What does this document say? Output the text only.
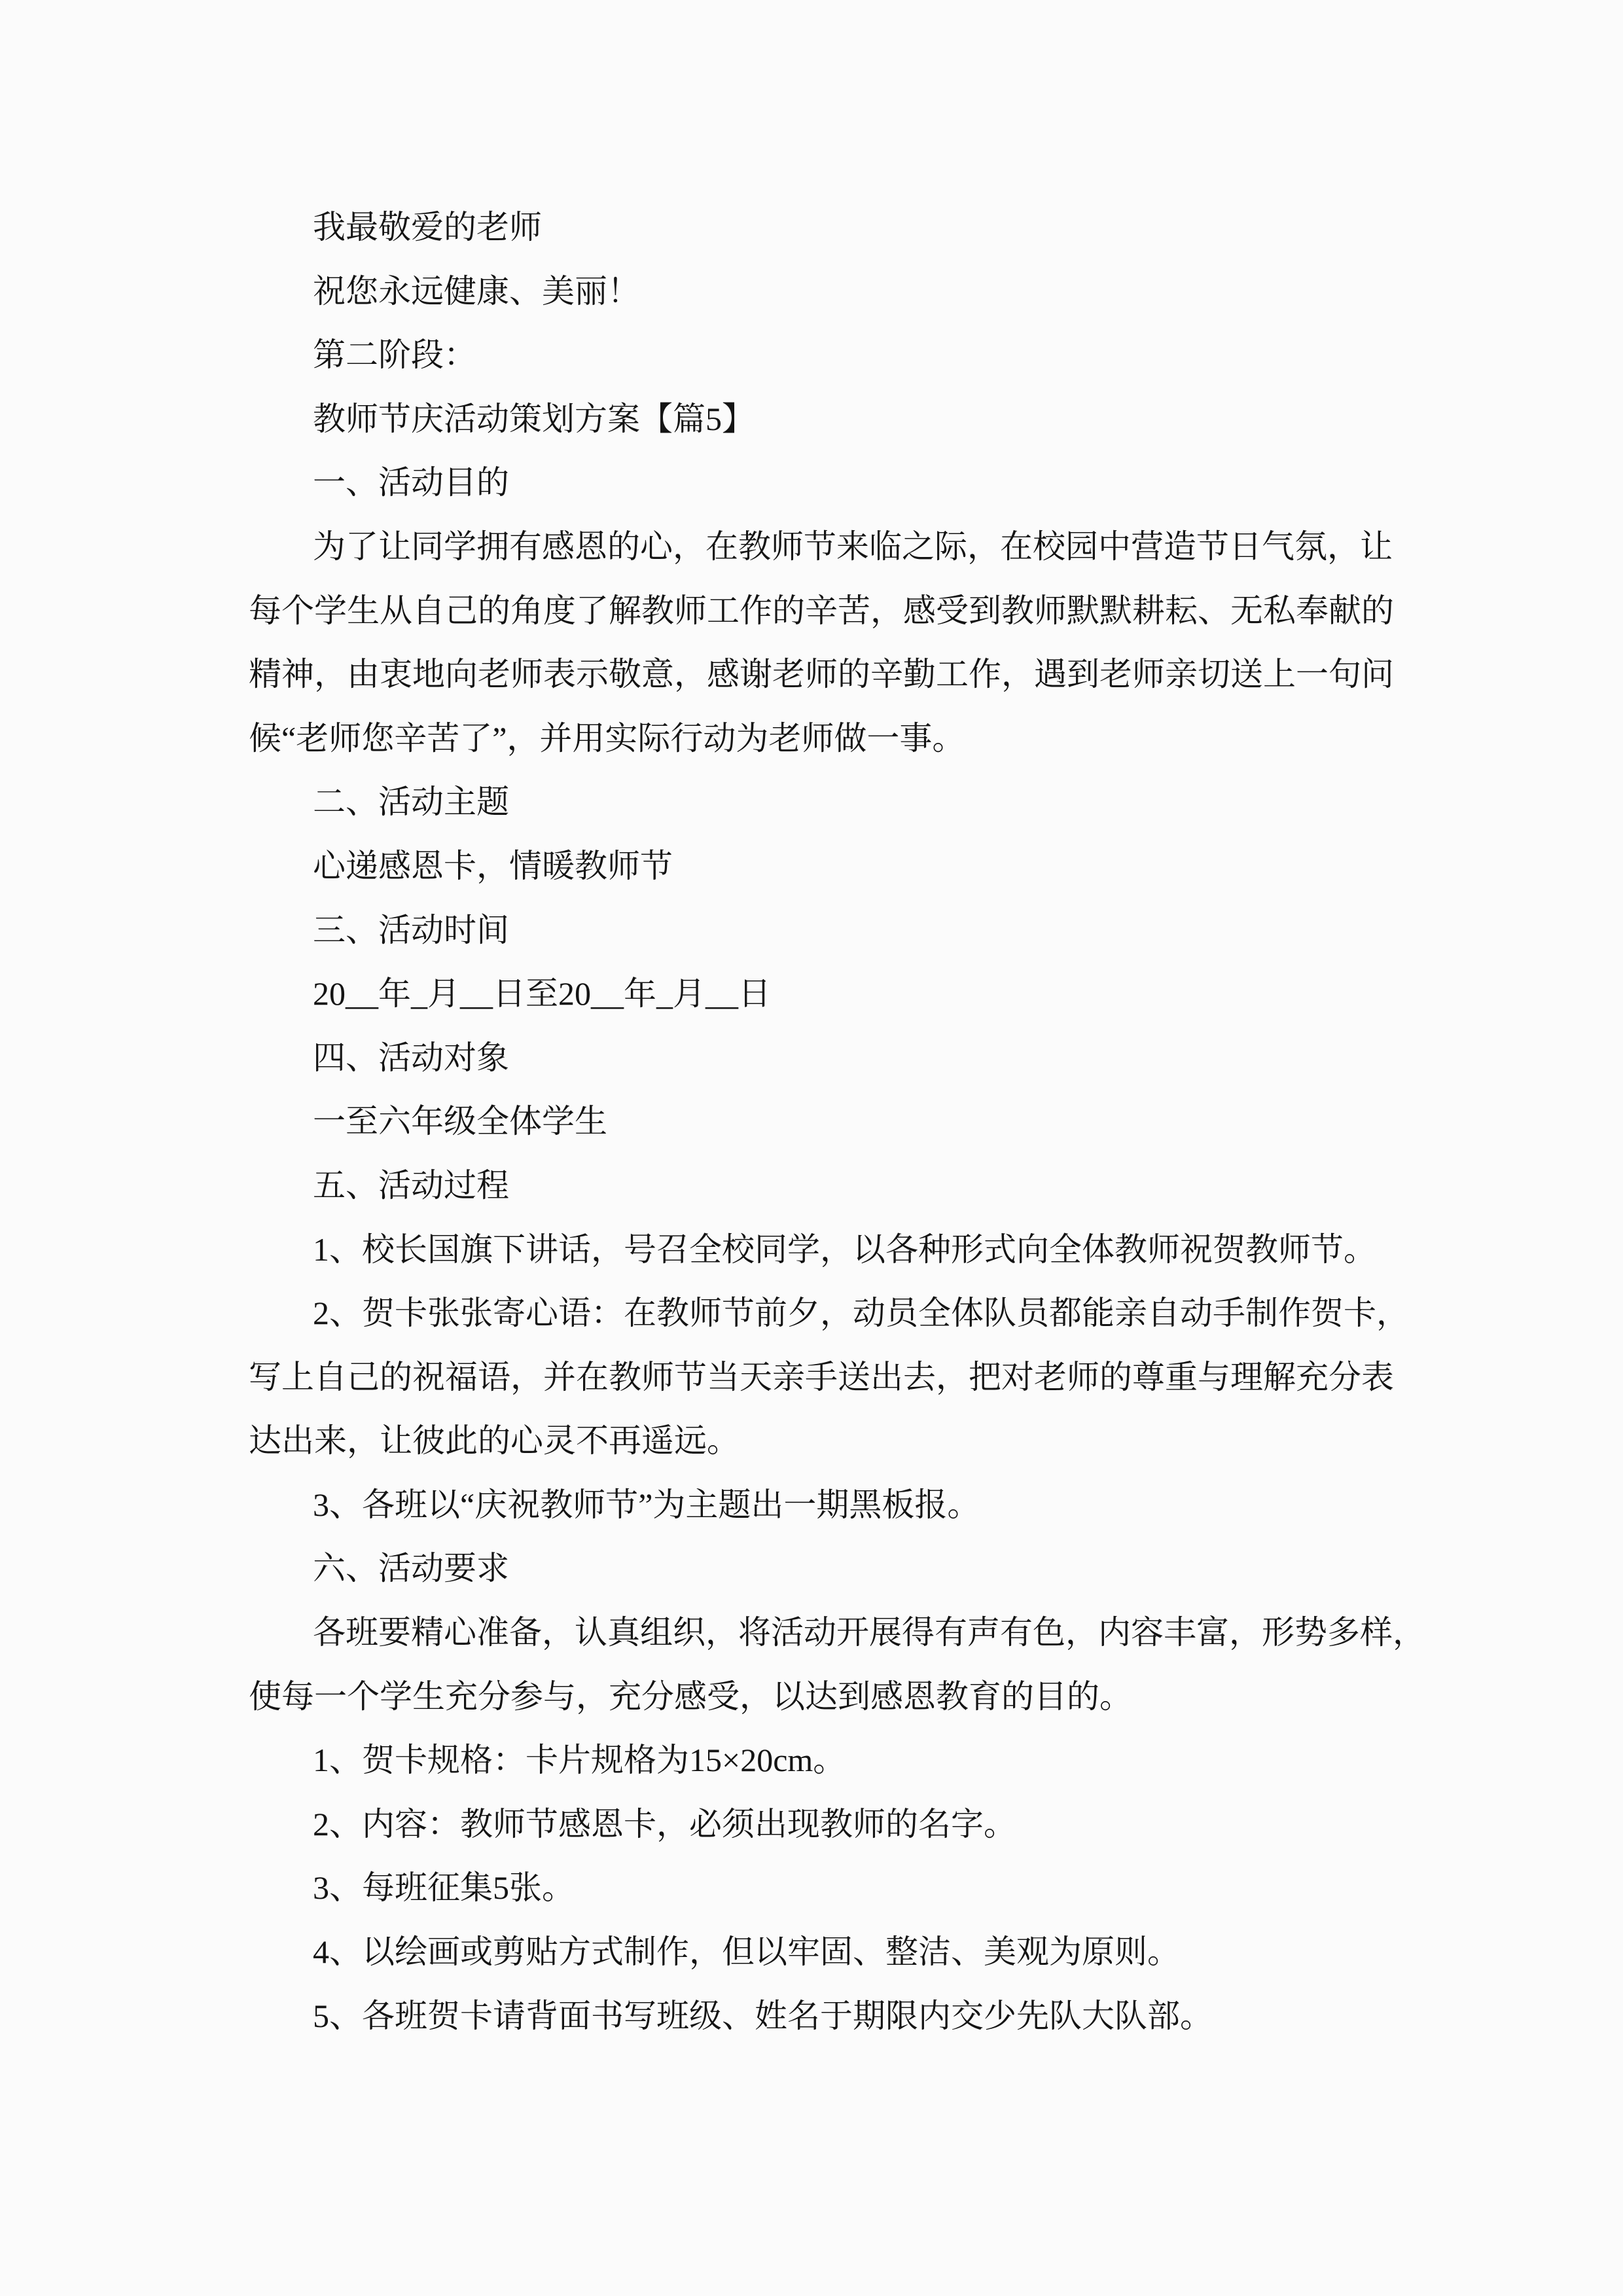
我最敬爱的老师
祝您永远健康、美丽！
第二阶段：
教师节庆活动策划方案【篇5】
一、活动目的
为了让同学拥有感恩的心，在教师节来临之际，在校园中营造节日气氛，让
每个学生从自己的角度了解教师工作的辛苦，感受到教师默默耕耘、无私奉献的
精神，由衷地向老师表示敬意，感谢老师的辛勤工作，遇到老师亲切送上一句问
候“老师您辛苦了”，并用实际行动为老师做一事。
二、活动主题
心递感恩卡，情暖教师节
三、活动时间
20__年_月__日至20__年_月__日
四、活动对象
一至六年级全体学生
五、活动过程
1、校长国旗下讲话，号召全校同学，以各种形式向全体教师祝贺教师节。
2、贺卡张张寄心语：在教师节前夕，动员全体队员都能亲自动手制作贺卡，
写上自己的祝福语，并在教师节当天亲手送出去，把对老师的尊重与理解充分表
达出来，让彼此的心灵不再遥远。
3、各班以“庆祝教师节”为主题出一期黑板报。
六、活动要求
各班要精心准备，认真组织，将活动开展得有声有色，内容丰富，形势多样，
使每一个学生充分参与，充分感受，以达到感恩教育的目的。
1、贺卡规格：卡片规格为15×20cm。
2、内容：教师节感恩卡，必须出现教师的名字。
3、每班征集5张。
4、以绘画或剪贴方式制作，但以牢固、整洁、美观为原则。
5、各班贺卡请背面书写班级、姓名于期限内交少先队大队部。
